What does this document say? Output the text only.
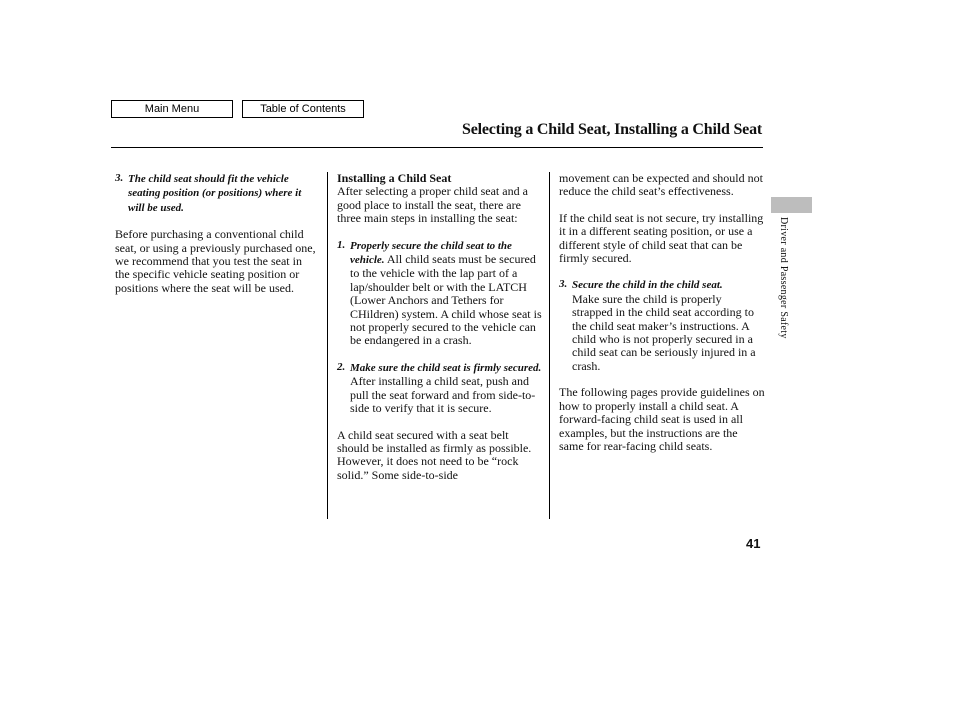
Main Menu	Table of Contents
Selecting a Child Seat, Installing a Child Seat
Driver and Passenger Safety
3. The child seat should fit the vehicle seating position (or positions) where it will be used.

Before purchasing a conventional child seat, or using a previously purchased one, we recommend that you test the seat in the specific vehicle seating position or positions where the seat will be used.

Installing a Child Seat

After selecting a proper child seat and a good place to install the seat, there are three main steps in installing the seat:

1. Properly secure the child seat to the vehicle. All child seats must be secured to the vehicle with the lap part of a lap/shoulder belt or with the LATCH (Lower Anchors and Tethers for CHildren) system. A child whose seat is not properly secured to the vehicle can be endangered in a crash.
2. Make sure the child seat is firmly secured. After installing a child seat, push and pull the seat forward and from side-to-side to verify that it is secure.

A child seat secured with a seat belt should be installed as firmly as possible. However, it does not need to be “rock solid.” Some side-to-side

movement can be expected and should not reduce the child seat’s effectiveness.

If the child seat is not secure, try installing it in a different seating position, or use a different style of child seat that can be firmly secured.

3. Secure the child in the child seat.
Make sure the child is properly strapped in the child seat according to the child seat maker’s instructions. A child who is not properly secured in a child seat can be seriously injured in a crash.

The following pages provide guidelines on how to properly install a child seat. A forward-facing child seat is used in all examples, but the instructions are the same for rear-facing child seats.

41
